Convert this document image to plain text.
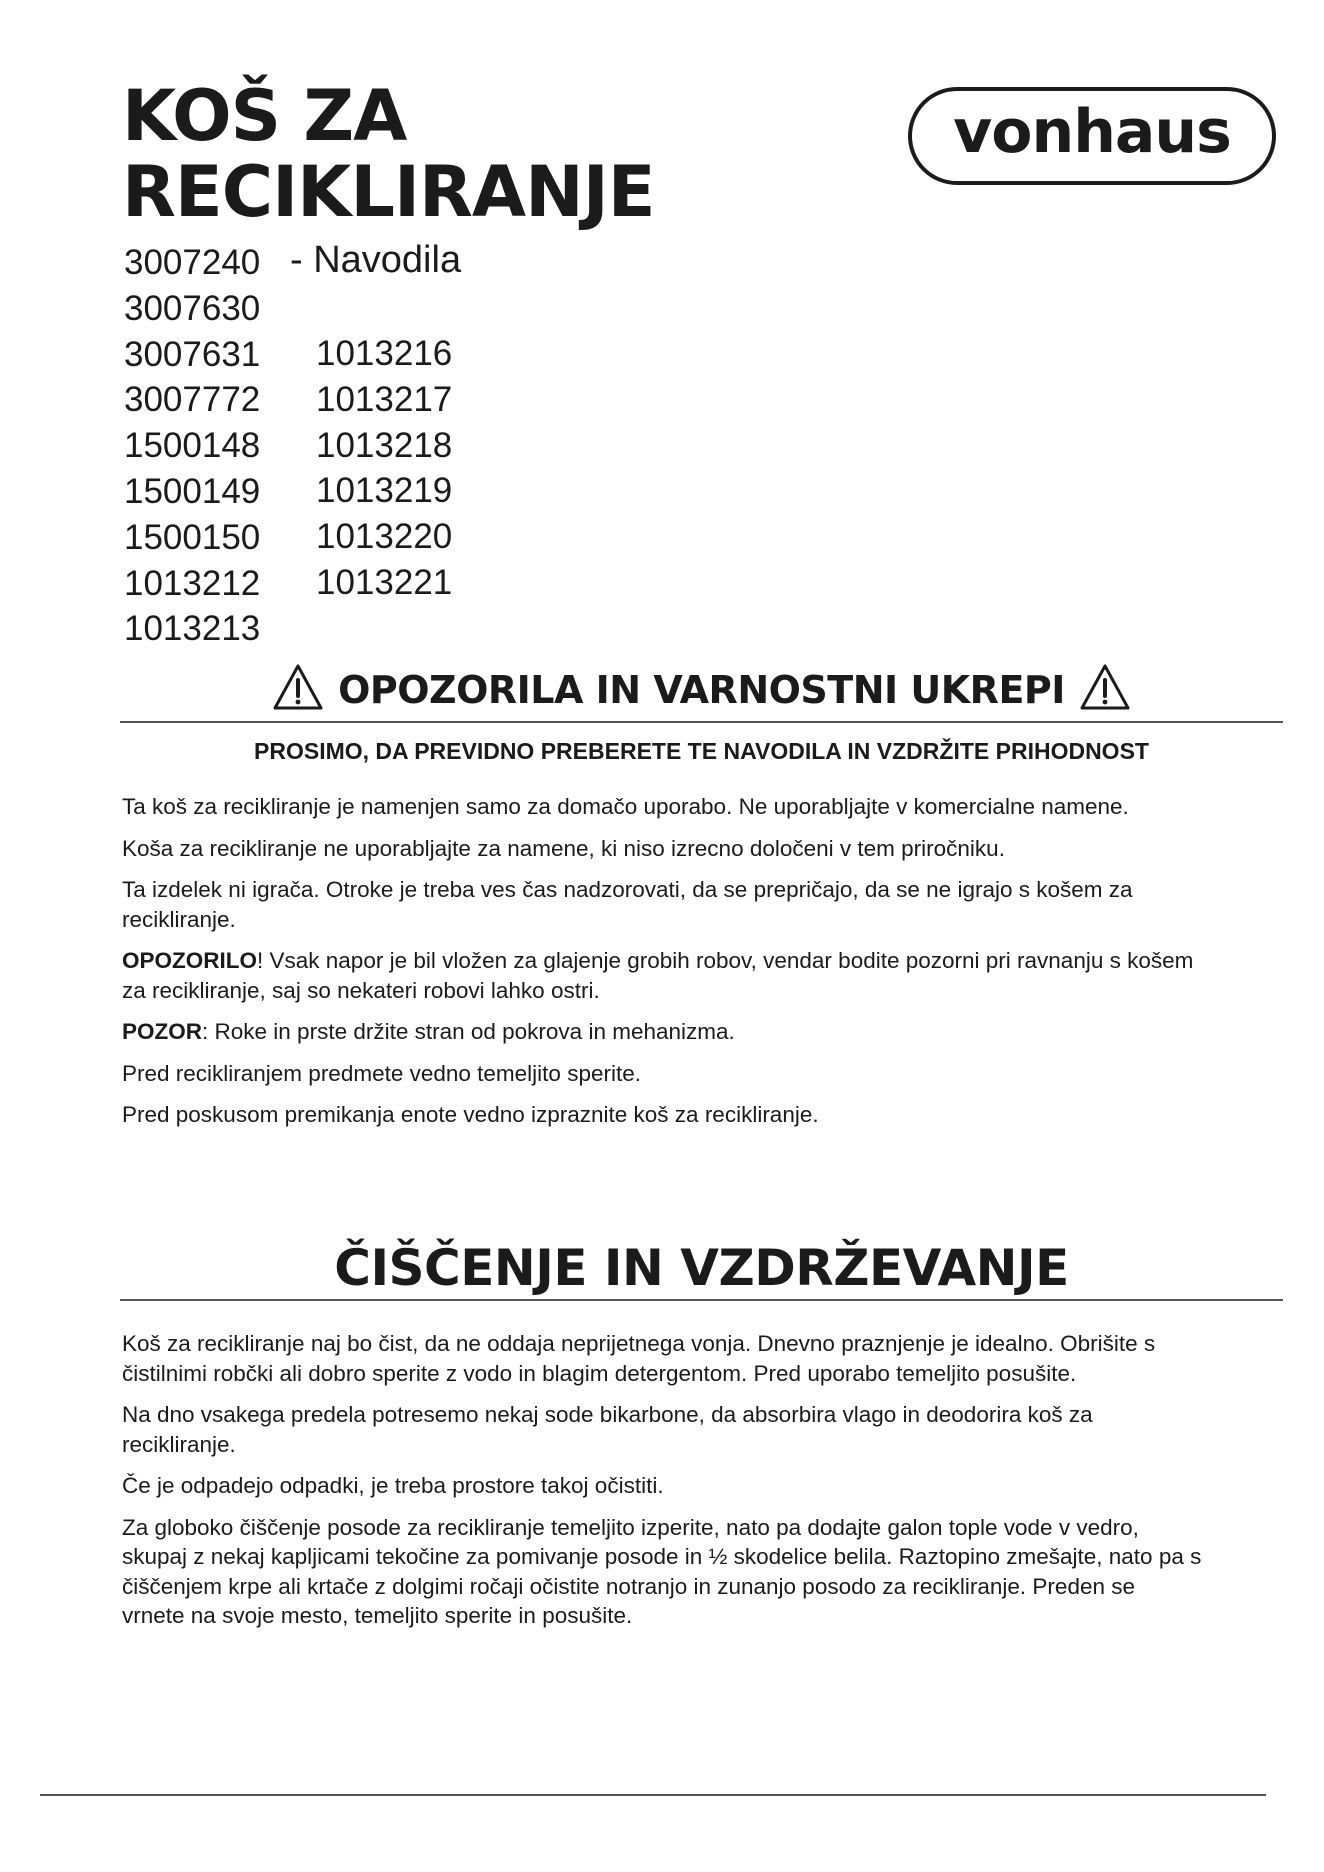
KOŠ ZA
RECIKLIRANJE
vonhaus
3007240
3007630
3007631
3007772
1500148
1500149
1500150
1013212
1013213
- Navodila
1013216
1013217
1013218
1013219
1013220
1013221
OPOZORILA IN VARNOSTNI UKREPI
PROSIMO, DA PREVIDNO PREBERETE TE NAVODILA IN VZDRŽITE PRIHODNOST

Ta koš za recikliranje je namenjen samo za domačo uporabo. Ne uporabljajte v komercialne namene.

Koša za recikliranje ne uporabljajte za namene, ki niso izrecno določeni v tem priročniku.

Ta izdelek ni igrača. Otroke je treba ves čas nadzorovati, da se prepričajo, da se ne igrajo s košem za recikliranje.

OPOZORILO! Vsak napor je bil vložen za glajenje grobih robov, vendar bodite pozorni pri ravnanju s košem za recikliranje, saj so nekateri robovi lahko ostri.

POZOR: Roke in prste držite stran od pokrova in mehanizma.

Pred recikliranjem predmete vedno temeljito sperite.

Pred poskusom premikanja enote vedno izpraznite koš za recikliranje.

ČIŠČENJE IN VZDRŽEVANJE

Koš za recikliranje naj bo čist, da ne oddaja neprijetnega vonja. Dnevno praznjenje je idealno. Obrišite s čistilnimi robčki ali dobro sperite z vodo in blagim detergentom. Pred uporabo temeljito posušite.

Na dno vsakega predela potresemo nekaj sode bikarbone, da absorbira vlago in deodorira koš za recikliranje.

Če je odpadejo odpadki, je treba prostore takoj očistiti.

Za globoko čiščenje posode za recikliranje temeljito izperite, nato pa dodajte galon tople vode v vedro, skupaj z nekaj kapljicami tekočine za pomivanje posode in ½ skodelice belila. Raztopino zmešajte, nato pa s čiščenjem krpe ali krtače z dolgimi ročaji očistite notranjo in zunanjo posodo za recikliranje. Preden se vrnete na svoje mesto, temeljito sperite in posušite.
